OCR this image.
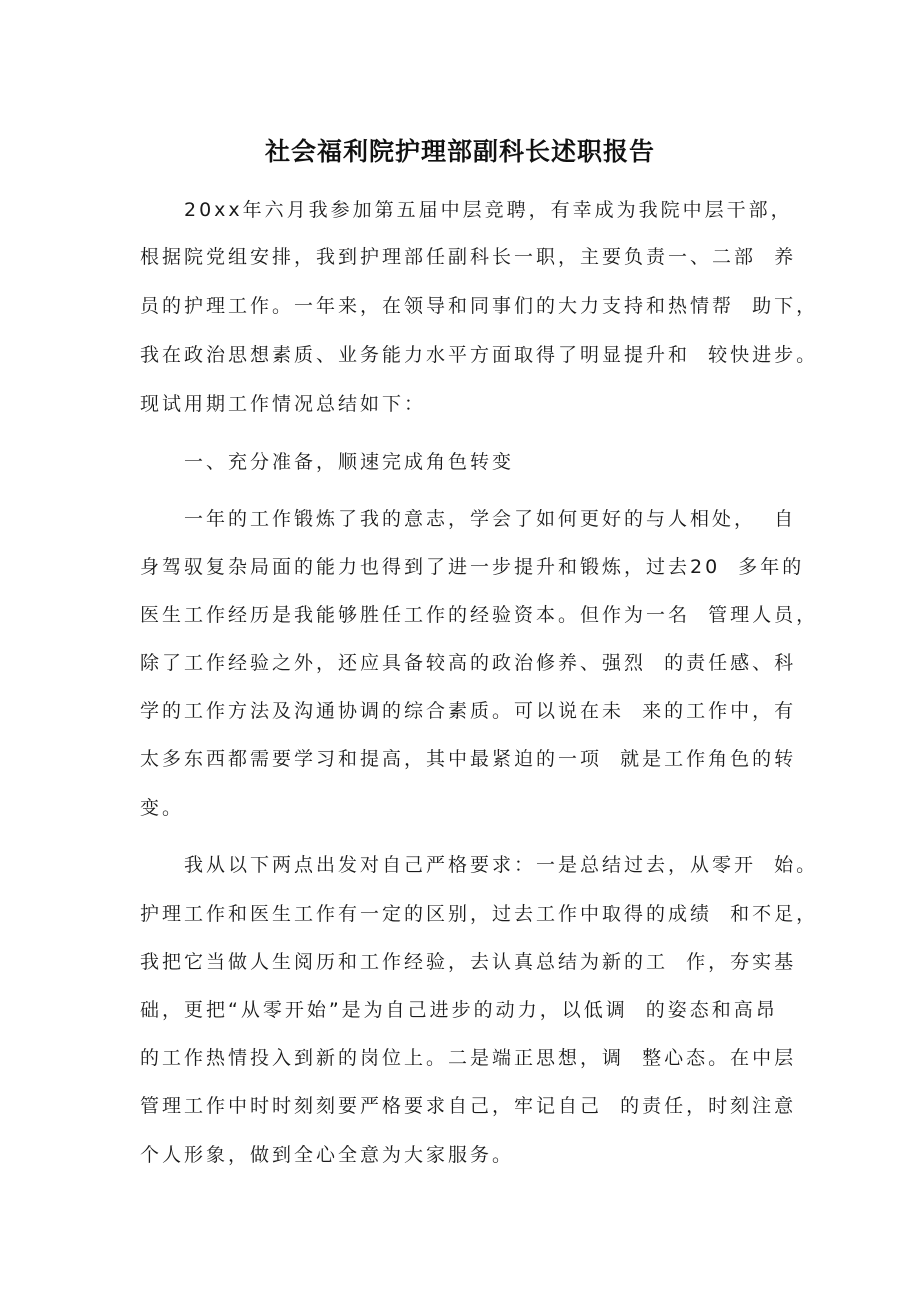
社会福利院护理部副科长述职报告

20xx年六月我参加第五届中层竞聘，有幸成为我院中层干部，

根据院党组安排，我到护理部任副科长一职，主要负责一、二部  养

员的护理工作。一年来，在领导和同事们的大力支持和热情帮  助下，

我在政治思想素质、业务能力水平方面取得了明显提升和  较快进步。

现试用期工作情况总结如下：

一、充分准备，顺速完成角色转变

一年的工作锻炼了我的意志，学会了如何更好的与人相处，  自

身驾驭复杂局面的能力也得到了进一步提升和锻炼，过去20  多年的

医生工作经历是我能够胜任工作的经验资本。但作为一名  管理人员，

除了工作经验之外，还应具备较高的政治修养、强烈  的责任感、科

学的工作方法及沟通协调的综合素质。可以说在未  来的工作中，有

太多东西都需要学习和提高，其中最紧迫的一项  就是工作角色的转

变。

我从以下两点出发对自己严格要求：一是总结过去，从零开  始。

护理工作和医生工作有一定的区别，过去工作中取得的成绩  和不足，

我把它当做人生阅历和工作经验，去认真总结为新的工  作，夯实基

础，更把“从零开始”是为自己进步的动力，以低调  的姿态和高昂

的工作热情投入到新的岗位上。二是端正思想，调  整心态。在中层

管理工作中时时刻刻要严格要求自己，牢记自己  的责任，时刻注意

个人形象，做到全心全意为大家服务。
